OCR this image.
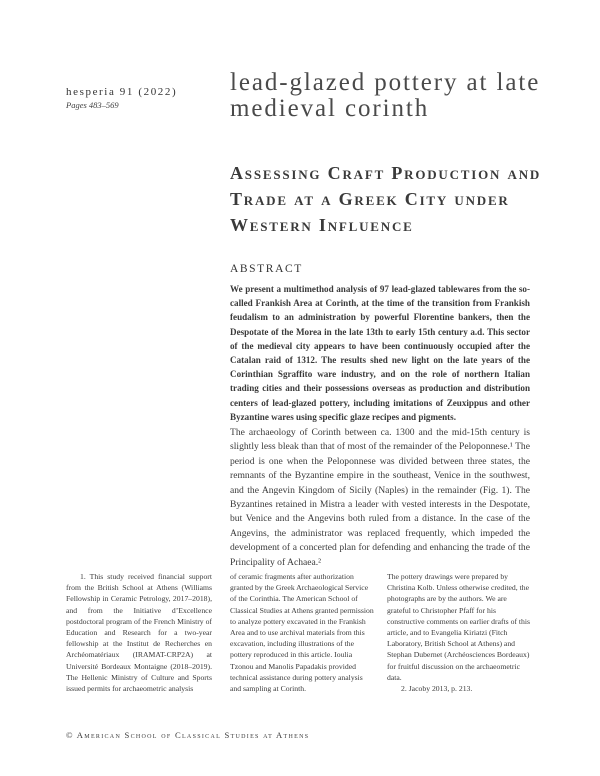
hesperia 91 (2022)
Pages 483–569
lead-glazed pottery at late medieval corinth
Assessing Craft Production and Trade at a Greek City under Western Influence
ABSTRACT
We present a multimethod analysis of 97 lead-glazed tablewares from the so-called Frankish Area at Corinth, at the time of the transition from Frankish feudalism to an administration by powerful Florentine bankers, then the Despotate of the Morea in the late 13th to early 15th century a.d. This sector of the medieval city appears to have been continuously occupied after the Catalan raid of 1312. The results shed new light on the late years of the Corinthian Sgraffito ware industry, and on the role of northern Italian trading cities and their possessions overseas as production and distribution centers of lead-glazed pottery, including imitations of Zeuxippus and other Byzantine wares using specific glaze recipes and pigments.
The archaeology of Corinth between ca. 1300 and the mid-15th century is slightly less bleak than that of most of the remainder of the Peloponnese.¹ The period is one when the Peloponnese was divided between three states, the remnants of the Byzantine empire in the southeast, Venice in the southwest, and the Angevin Kingdom of Sicily (Naples) in the remainder (Fig. 1). The Byzantines retained in Mistra a leader with vested interests in the Despotate, but Venice and the Angevins both ruled from a distance. In the case of the Angevins, the administrator was replaced frequently, which impeded the development of a concerted plan for defending and enhancing the trade of the Principality of Achaea.²
1. This study received financial support from the British School at Athens (Williams Fellowship in Ceramic Petrology, 2017–2018), and from the Initiative d’Excellence postdoctoral program of the French Ministry of Education and Research for a two-year fellowship at the Institut de Recherches en Archéomatériaux (IRAMAT-CRP2A) at Université Bordeaux Montaigne (2018–2019). The Hellenic Ministry of Culture and Sports issued permits for archaeometric analysis
of ceramic fragments after authorization granted by the Greek Archaeological Service of the Corinthia. The American School of Classical Studies at Athens granted permission to analyze pottery excavated in the Frankish Area and to use archival materials from this excavation, including illustrations of the pottery reproduced in this article. Ioulia Tzonou and Manolis Papadakis provided technical assistance during pottery analysis and sampling at Corinth.
The pottery drawings were prepared by Christina Kolb. Unless otherwise credited, the photographs are by the authors. We are grateful to Christopher Pfaff for his constructive comments on earlier drafts of this article, and to Evangelia Kiriatzi (Fitch Laboratory, British School at Athens) and Stephan Dubernet (Archéosciences Bordeaux) for fruitful discussion on the archaeometric data.
2. Jacoby 2013, p. 213.
© American School of Classical Studies at Athens
